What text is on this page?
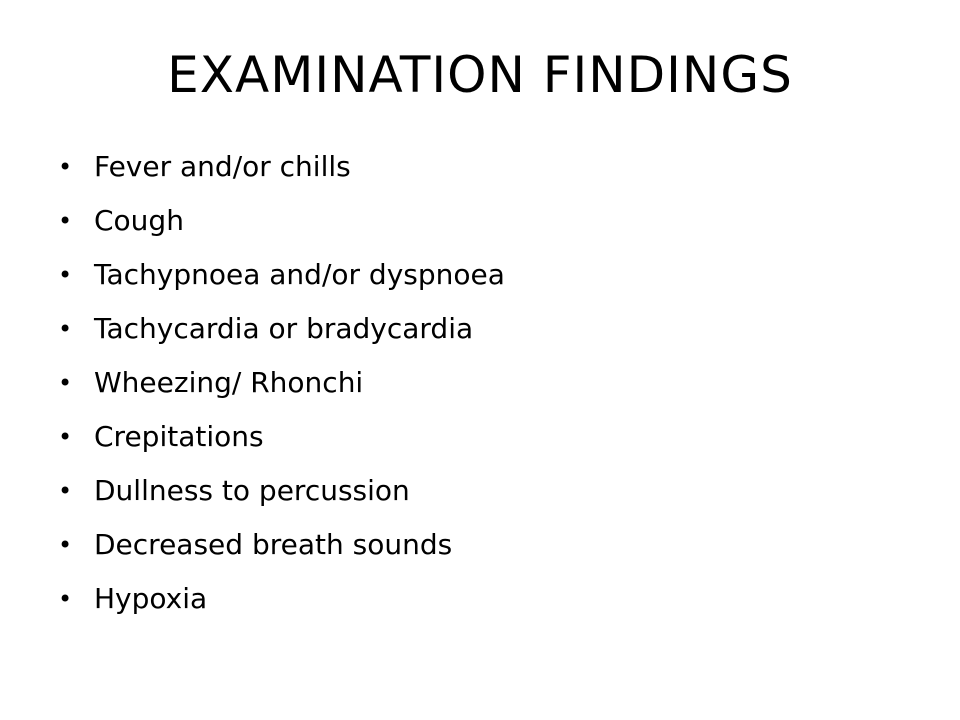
EXAMINATION FINDINGS
• Fever and/or chills
• Cough
• Tachypnoea and/or dyspnoea
• Tachycardia or bradycardia
• Wheezing/ Rhonchi
• Crepitations
• Dullness to percussion
• Decreased breath sounds
• Hypoxia
